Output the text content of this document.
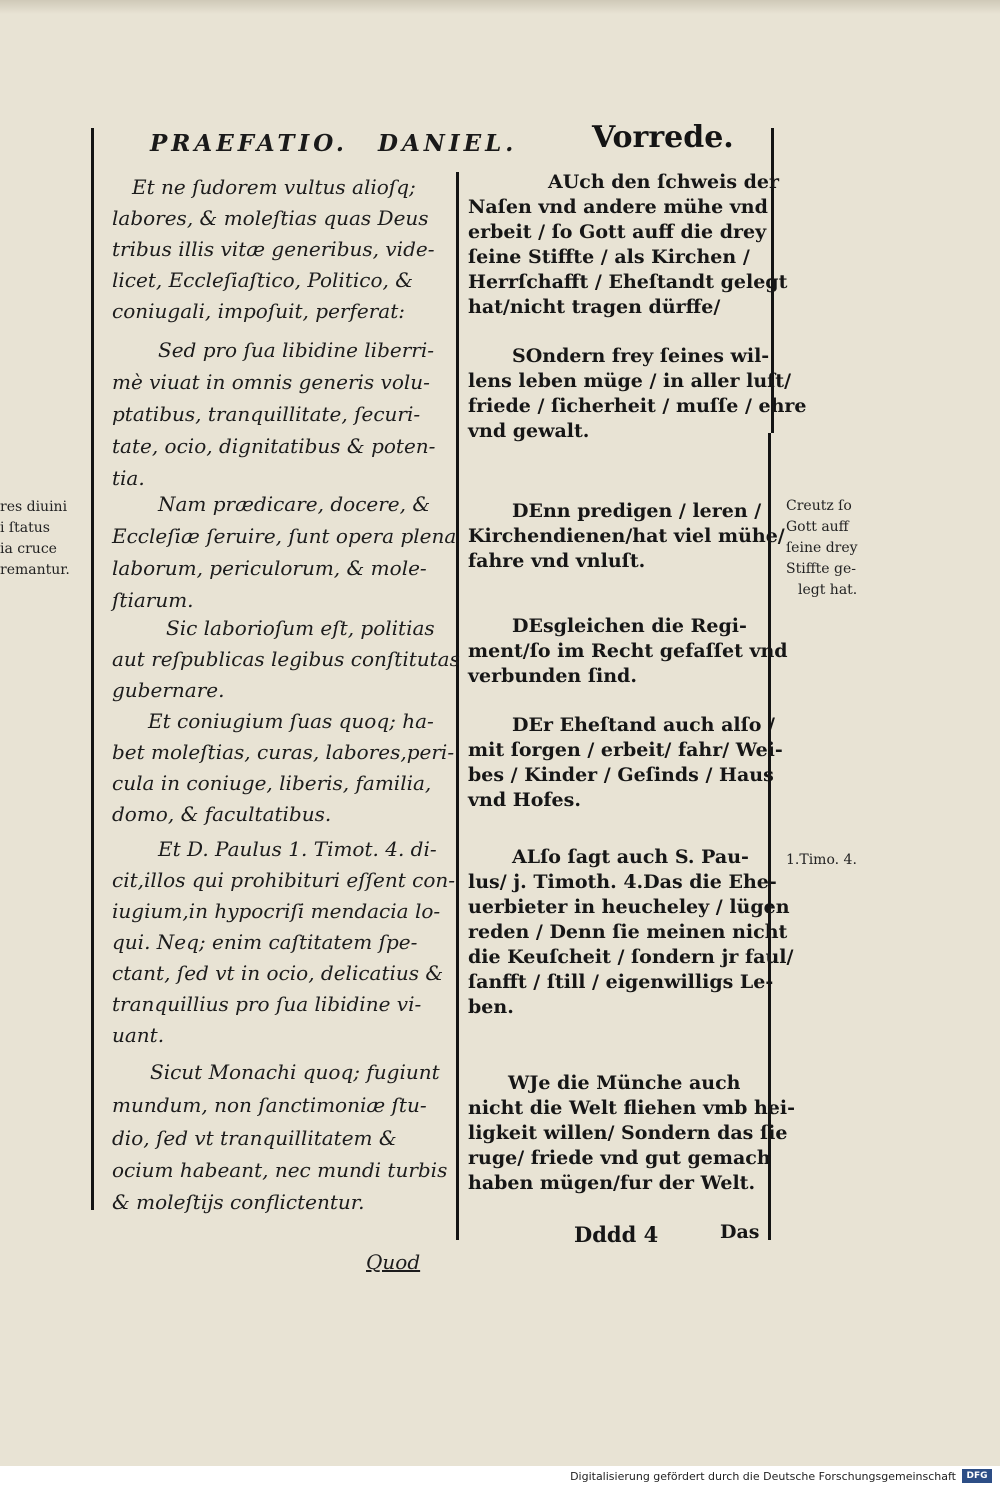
PRAEFATIO. DANIEL. Vorrede.
Et ne ſudorem vultus alioſq;
labores, & moleſtias quas Deus
tribus illis vitæ generibus, vide-
licet, Eccleſiaſtico, Politico, &
coniugali, impoſuit, perferat:
Sed pro ſua libidine liberri-
mè viuat in omnis generis volu-
ptatibus, tranquillitate, ſecuri-
tate, ocio, dignitatibus & poten-
tia.
Nam prædicare, docere, &
Eccleſiæ ſeruire, ſunt opera plena
laborum, periculorum, & mole-
ſtiarum.
Sic laborioſum eſt, politias
aut reſpublicas legibus conſtitutas
gubernare.
Et coniugium ſuas quoq; ha-
bet moleſtias, curas, labores,peri-
cula in coniuge, liberis, familia,
domo, & facultatibus.
Et D. Paulus 1. Timot. 4. di-
cit,illos qui prohibituri eſſent con-
iugium,in hypocriſi mendacia lo-
qui. Neq; enim caſtitatem ſpe-
ctant, ſed vt in ocio, delicatius &
tranquillius pro ſua libidine vi-
uant.
Sicut Monachi quoq; fugiunt
mundum, non ſanctimoniæ ſtu-
dio, ſed vt tranquillitatem &
ocium habeant, nec mundi turbis
& moleſtijs conflictentur.
Quod
AUch den ſchweis der
Naſen vnd andere mühe vnd
erbeit / ſo Gott auff die drey
ſeine Stiffte / als Kirchen /
Herrſchafft / Eheſtandt gelegt
hat/nicht tragen dürffe/
SOndern frey ſeines wil-
lens leben müge / in aller luſt/
friede / ſicherheit / muſſe / ehre
vnd gewalt.
DEnn predigen / leren /
Kirchendienen/hat viel mühe/
fahre vnd vnluſt.
DEsgleichen die Regi-
ment/ſo im Recht gefaſſet vnd
verbunden ſind.
DEr Eheſtand auch alſo /
mit ſorgen / erbeit/ fahr/ Wei-
bes / Kinder / Geſinds / Haus
vnd Hofes.
ALſo ſagt auch S. Pau-
lus/ j. Timoth. 4.Das die Ehe-
uerbieter in heucheley / lügen
reden / Denn ſie meinen nicht
die Keuſcheit / ſondern jr faul/
ſanfft / ſtill / eigenwilligs Le-
ben.
WJe die Münche auch
nicht die Welt fliehen vmb hei-
ligkeit willen/ Sondern das ſie
ruge/ friede vnd gut gemach
haben mügen/fur der Welt.
Dddd 4	Das
res diuini
i ſtatus
ia cruce
remantur.
Creutz ſo
Gott auff
ſeine drey
Stiffte ge-
legt hat.
1.Timo. 4.
Digitalisierung gefördert durch die Deutsche Forschungsgemeinschaft	DFG
